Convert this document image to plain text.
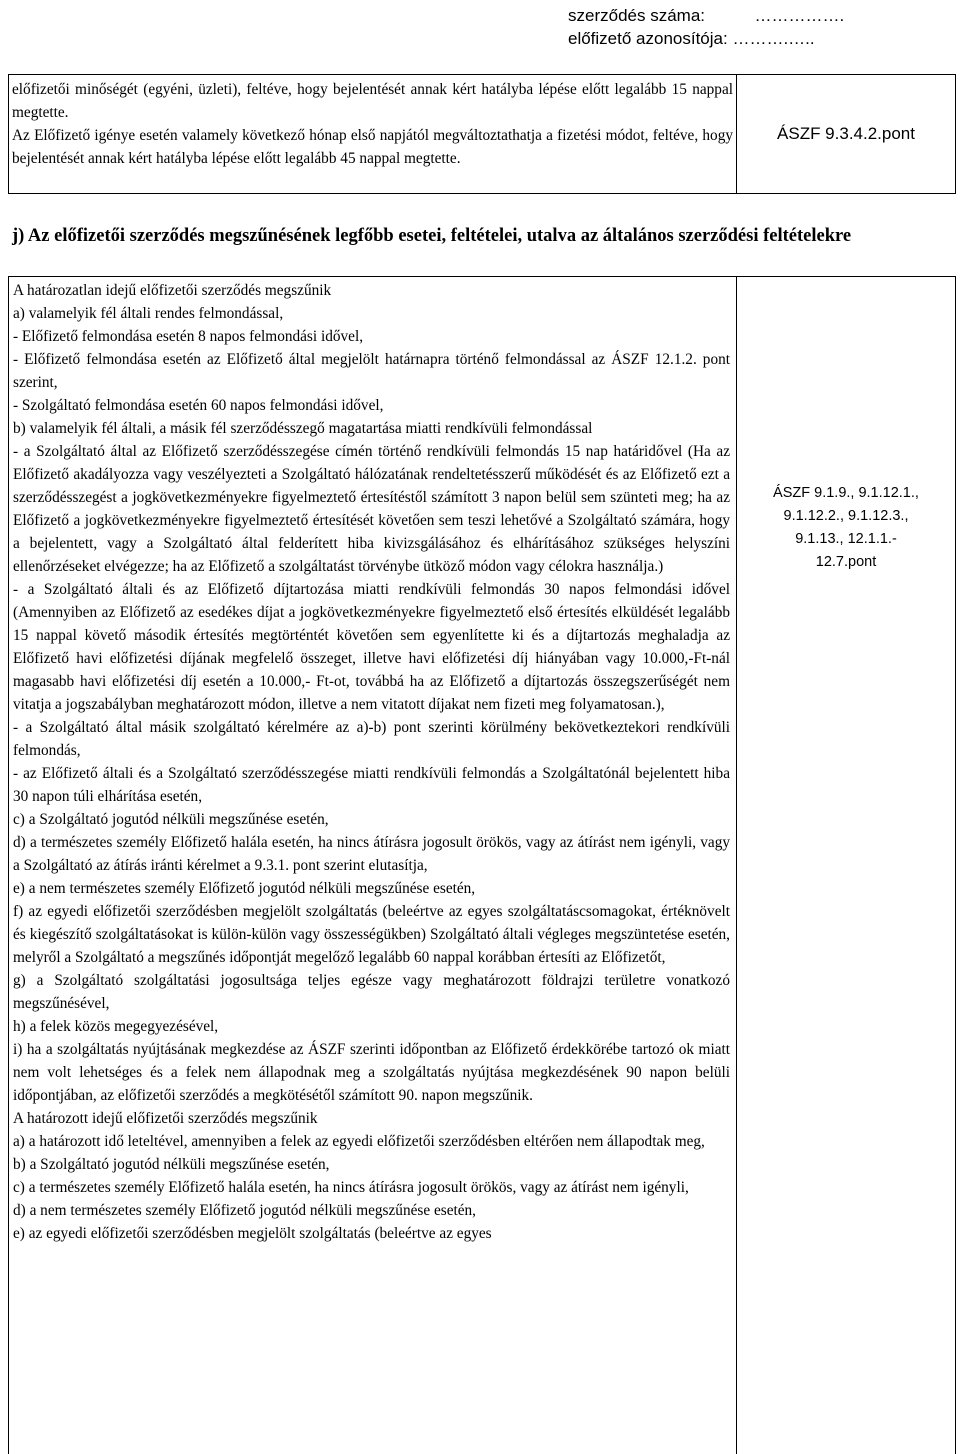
szerződés száma:	…………….
előfizető azonosítója: ……….…..
előfizetői minőségét (egyéni, üzleti), feltéve, hogy bejelentését annak kért hatályba lépése előtt legalább 15 nappal megtette.
Az Előfizető igénye esetén valamely következő hónap első napjától megváltoztathatja a fizetési módot, feltéve, hogy bejelentését annak kért hatályba lépése előtt legalább 45 nappal megtette.
ÁSZF 9.3.4.2.pont
j) Az előfizetői szerződés megszűnésének legfőbb esetei, feltételei, utalva az általános szerződési feltételekre

A határozatlan idejű előfizetői szerződés megszűnik

a) valamelyik fél általi rendes felmondással,

- Előfizető felmondása esetén 8 napos felmondási idővel,

- Előfizető felmondása esetén az Előfizető által megjelölt határnapra történő felmondással az ÁSZF 12.1.2. pont szerint,

- Szolgáltató felmondása esetén 60 napos felmondási idővel,

b) valamelyik fél általi, a másik fél szerződésszegő magatartása miatti rendkívüli felmondással

- a Szolgáltató által az Előfizető szerződésszegése címén történő rendkívüli felmondás 15 nap határidővel (Ha az Előfizető akadályozza vagy veszélyezteti a Szolgáltató hálózatának rendeltetésszerű működését és az Előfizető ezt a szerződésszegést a jogkövetkezményekre figyelmeztető értesítéstől számított 3 napon belül sem szünteti meg; ha az Előfizető a jogkövetkezményekre figyelmeztető értesítését követően sem teszi lehetővé a Szolgáltató számára, hogy a bejelentett, vagy a Szolgáltató által felderített hiba kivizsgálásához és elhárításához szükséges helyszíni ellenőrzéseket elvégezze; ha az Előfizető a szolgáltatást törvénybe ütköző módon vagy célokra használja.)

- a Szolgáltató általi és az Előfizető díjtartozása miatti rendkívüli felmondás 30 napos felmondási idővel (Amennyiben az Előfizető az esedékes díjat a jogkövetkezményekre figyelmeztető első értesítés elküldését legalább 15 nappal követő második értesítés megtörténtét követően sem egyenlítette ki és a díjtartozás meghaladja az Előfizető havi előfizetési díjának megfelelő összeget, illetve havi előfizetési díj hiányában vagy 10.000,-Ft-nál magasabb havi előfizetési díj esetén a 10.000,- Ft-ot, továbbá ha az Előfizető a díjtartozás összegszerűségét nem vitatja a jogszabályban meghatározott módon, illetve a nem vitatott díjakat nem fizeti meg folyamatosan.),

- a Szolgáltató által másik szolgáltató kérelmére az a)-b) pont szerinti körülmény bekövetkeztekori rendkívüli felmondás,

- az Előfizető általi és a Szolgáltató szerződésszegése miatti rendkívüli felmondás a Szolgáltatónál bejelentett hiba 30 napon túli elhárítása esetén,

c) a Szolgáltató jogutód nélküli megszűnése esetén,

d) a természetes személy Előfizető halála esetén, ha nincs átírásra jogosult örökös, vagy az átírást nem igényli, vagy a Szolgáltató az átírás iránti kérelmet a 9.3.1. pont szerint elutasítja,

e) a nem természetes személy Előfizető jogutód nélküli megszűnése esetén,

f) az egyedi előfizetői szerződésben megjelölt szolgáltatás (beleértve az egyes szolgáltatáscsomagokat, értéknövelt és kiegészítő szolgáltatásokat is külön-külön vagy összességükben) Szolgáltató általi végleges megszüntetése esetén, melyről a Szolgáltató a megszűnés időpontját megelőző legalább 60 nappal korábban értesíti az Előfizetőt,

g) a Szolgáltató szolgáltatási jogosultsága teljes egésze vagy meghatározott földrajzi területre vonatkozó megszűnésével,

h) a felek közös megegyezésével,

i) ha a szolgáltatás nyújtásának megkezdése az ÁSZF szerinti időpontban az Előfizető érdekkörébe tartozó ok miatt nem volt lehetséges és a felek nem állapodnak meg a szolgáltatás nyújtása megkezdésének 90 napon belüli időpontjában, az előfizetői szerződés a megkötésétől számított 90. napon megszűnik.

A határozott idejű előfizetői szerződés megszűnik

a) a határozott idő leteltével, amennyiben a felek az egyedi előfizetői szerződésben eltérően nem állapodtak meg,

b) a Szolgáltató jogutód nélküli megszűnése esetén,

c) a természetes személy Előfizető halála esetén, ha nincs átírásra jogosult örökös, vagy az átírást nem igényli,

d) a nem természetes személy Előfizető jogutód nélküli megszűnése esetén,

e) az egyedi előfizetői szerződésben megjelölt szolgáltatás (beleértve az egyes

ÁSZF 9.1.9., 9.1.12.1.,
9.1.12.2., 9.1.12.3.,
9.1.13., 12.1.1.-
12.7.pont
